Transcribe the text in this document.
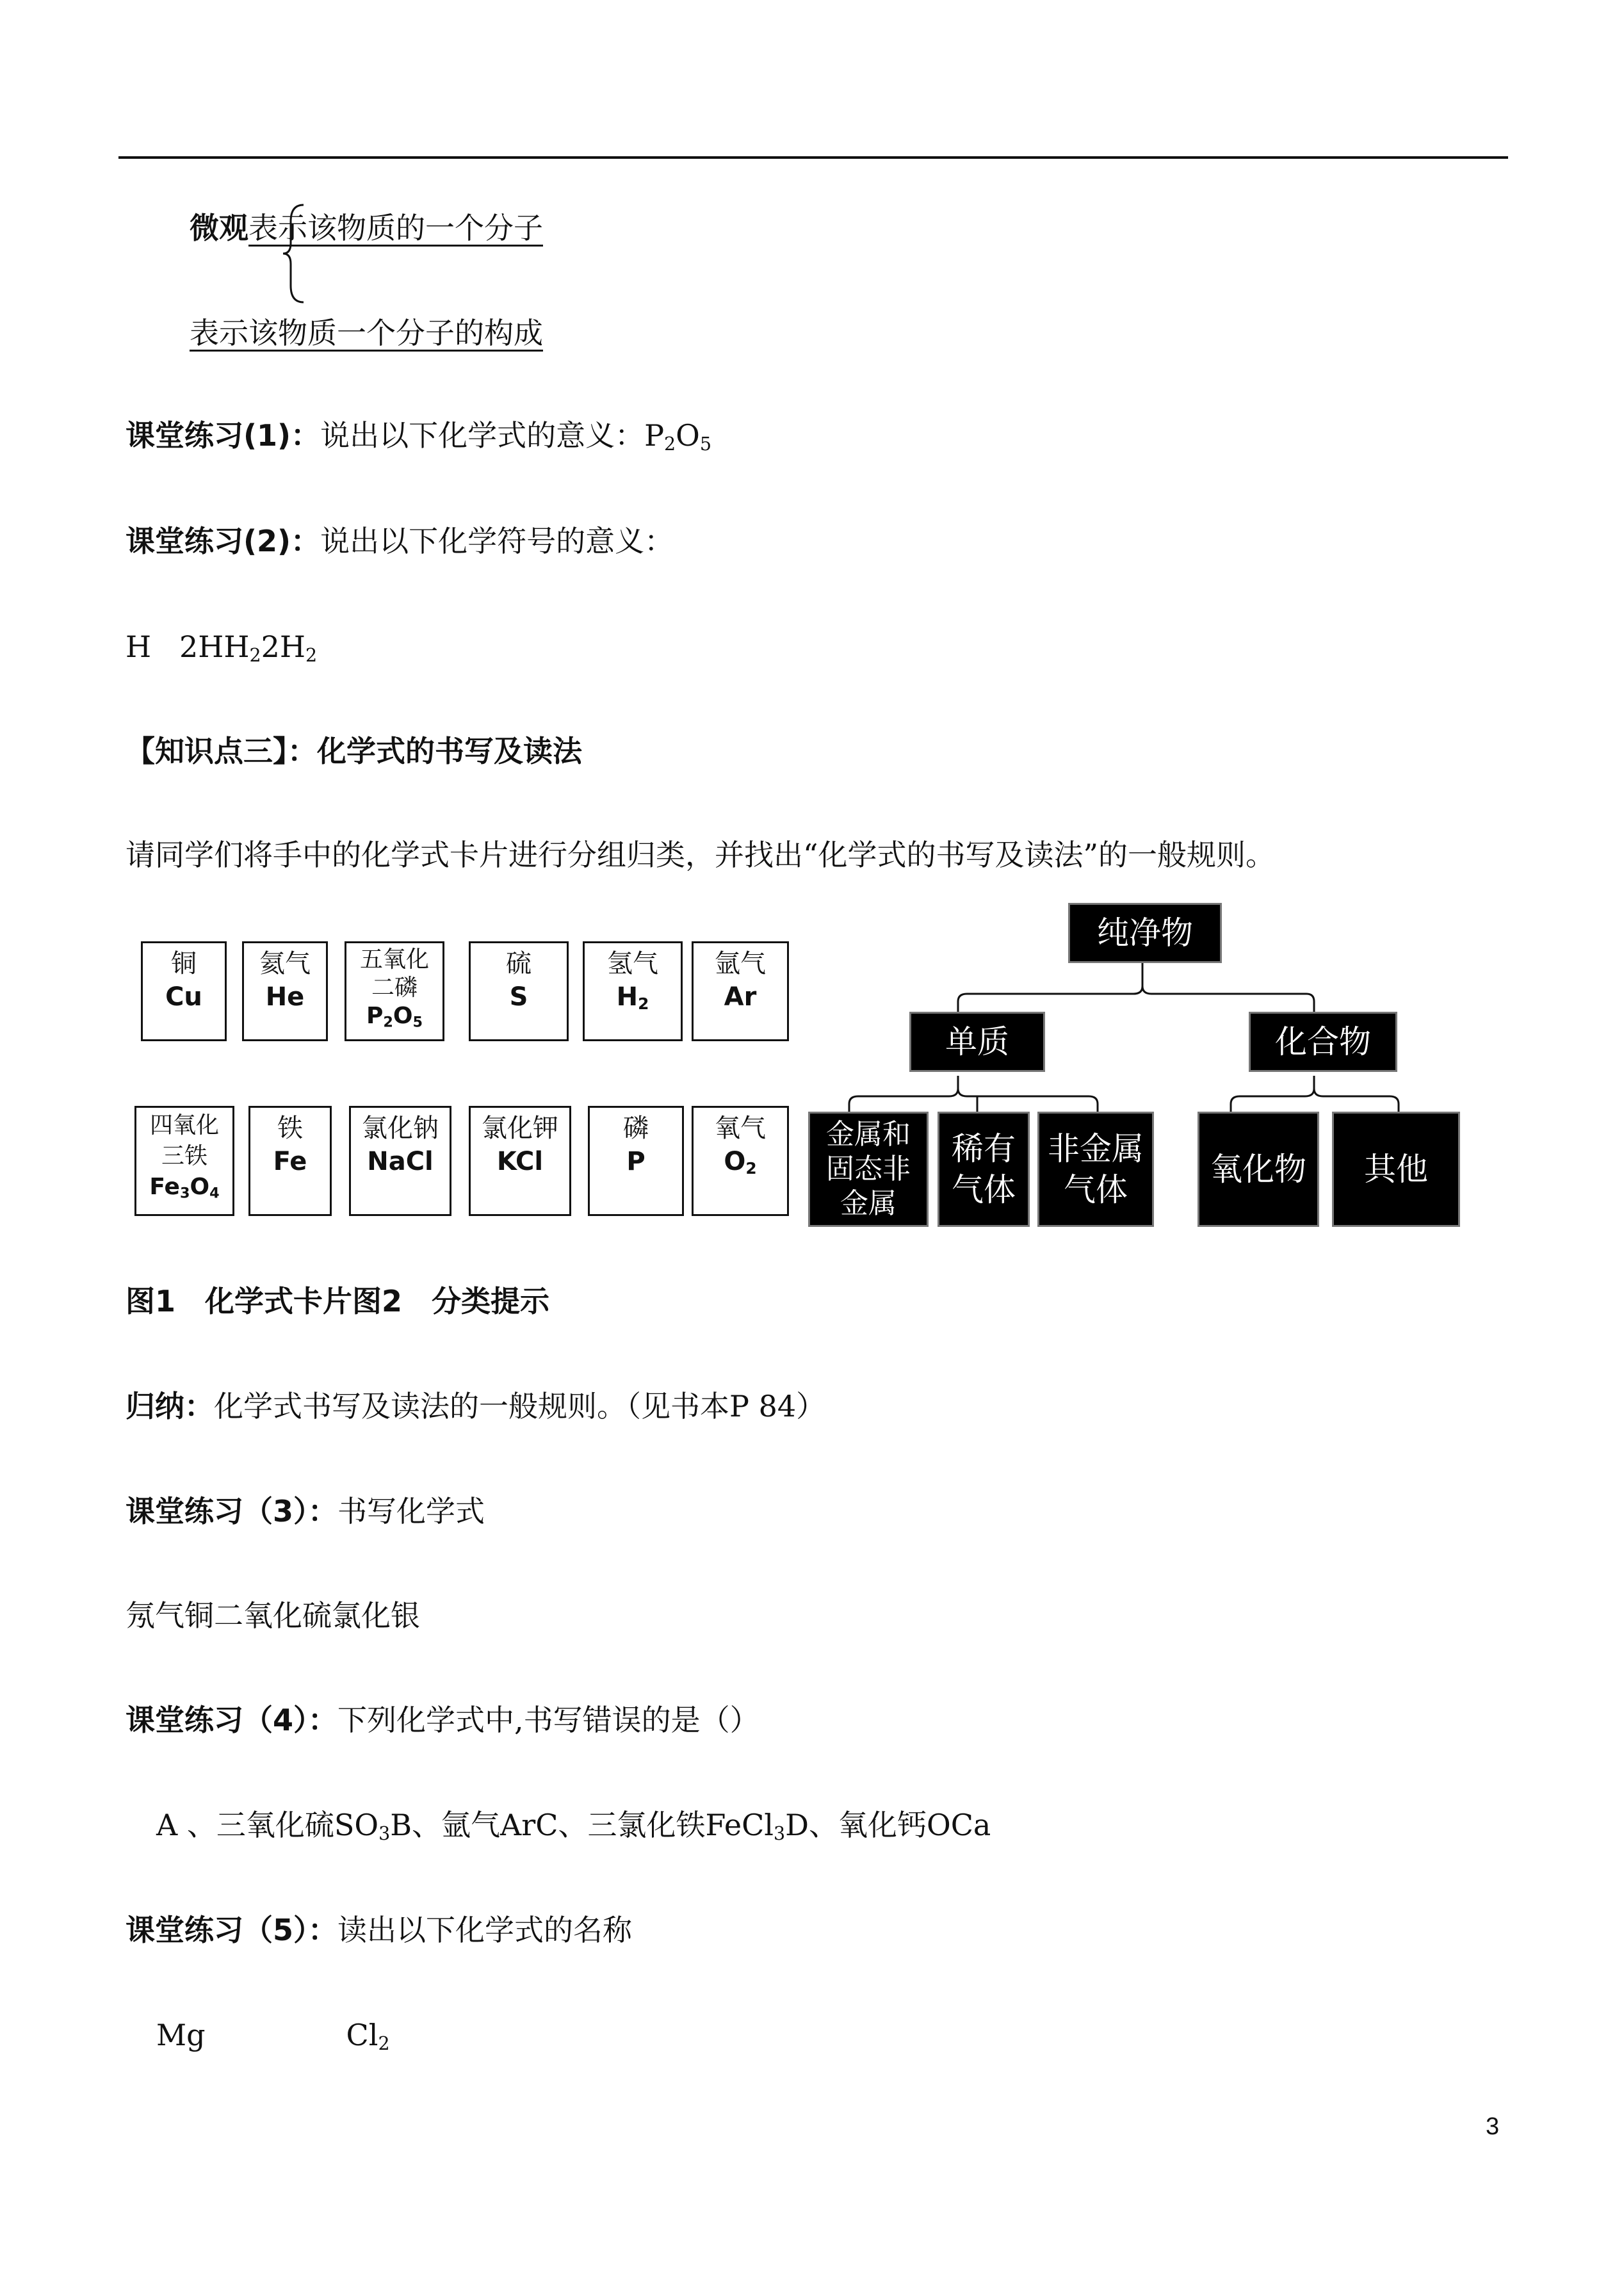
微观表示该物质的一个分子
表示该物质一个分子的构成
课堂练习(1)：说出以下化学式的意义：$P_2O_5$
课堂练习(2)：说出以下化学符号的意义：
H $2HH_22H_2$
【知识点三】：化学式的书写及读法
请同学们将手中的化学式卡片进行分组归类，并找出“化学式的书写及读法”的一般规则。
铜
Cu
氦气
He
五氧化二磷
$P_2O_5$
硫
S
氢气
$H_2$
氩气
Ar
四氧化三铁
$Fe_3O_4$
铁
Fe
氯化钠
NaCl
氯化钾
KCl
磷
P
氧气
$O_2$
纯净物
单质	化合物
金属和固态非金属
稀有气体
非金属气体
氧化物	其他
图1　化学式卡片图2　分类提示
归纳：化学式书写及读法的一般规则。（见书本P 84）
课堂练习（3）：书写化学式
氖气铜二氧化硫氯化银
课堂练习（4）：下列化学式中,书写错误的是（）
A 、三氧化硫$SO_3B$、氩气ArC、三氯化铁FeCl$_3$D、氧化钙OCa
课堂练习（5）：读出以下化学式的名称
Mg	$Cl_2$
3
